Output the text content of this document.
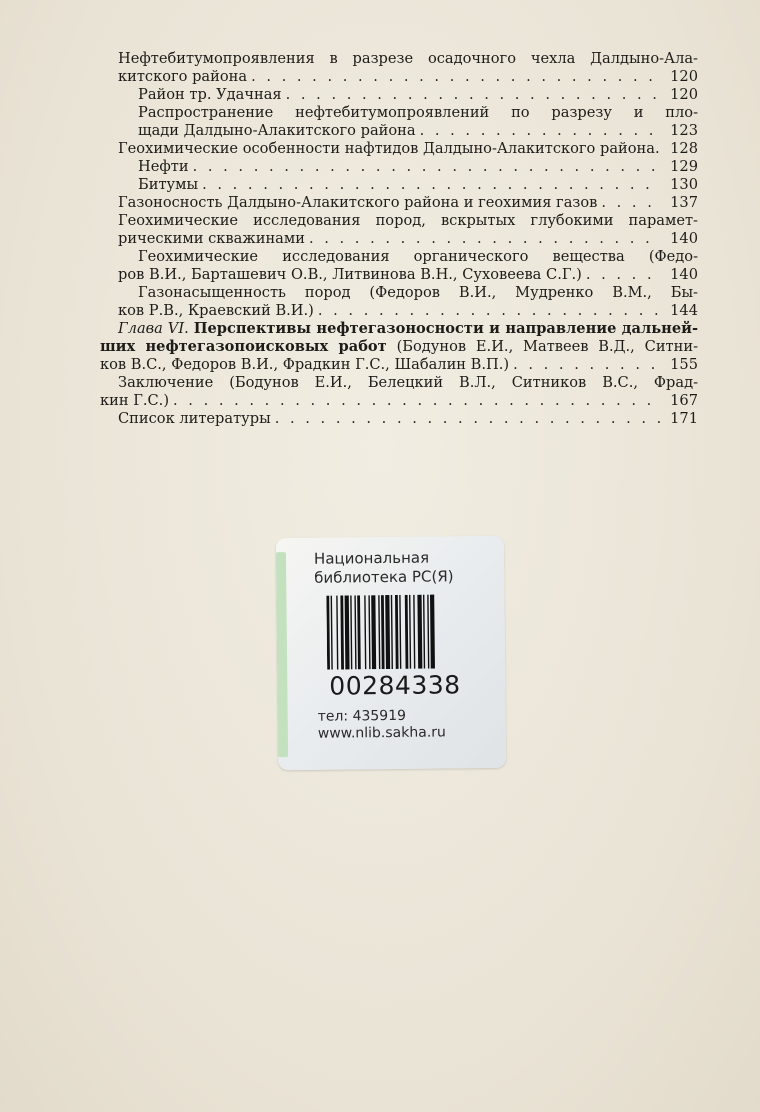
Нефтебитумопроявления в разрезе осадочного чехла Далдыно-Ала-
китского района . . .	120
Район тр. Удачная . . .	120
Распространение нефтебитумопроявлений по разрезу и пло-
щади Далдыно-Алакитского района . . .	123
Геохимические особенности нафтидов Далдыно-Алакитского района. 128
Нефти . . .	129
Битумы . . .	130
Газоносность Далдыно-Алакитского района и геохимия газов . . .	137
Геохимические исследования пород, вскрытых глубокими парамет-
рическими скважинами . . .	140
Геохимические исследования органического вещества (Федо-
ров В.И., Барташевич О.В., Литвинова В.Н., Суховеева С.Г.) . . .	140
Газонасыщенность пород (Федоров В.И., Мудренко В.М., Бы-
ков Р.В., Краевский В.И.) . . .	144
Глава VI. Перспективы нефтегазоносности и направление дальней-
ших нефтегазопоисковых работ (Бодунов Е.И., Матвеев В.Д., Ситни-
ков В.С., Федоров В.И., Фрадкин Г.С., Шабалин В.П.) . . .	155
Заключение (Бодунов Е.И., Белецкий В.Л., Ситников В.С., Фрад-
кин Г.С.) . . .	167
Список литературы . . .	171
Национальная
библиотека РС(Я)
00284338
тел: 435919
www.nlib.sakha.ru
